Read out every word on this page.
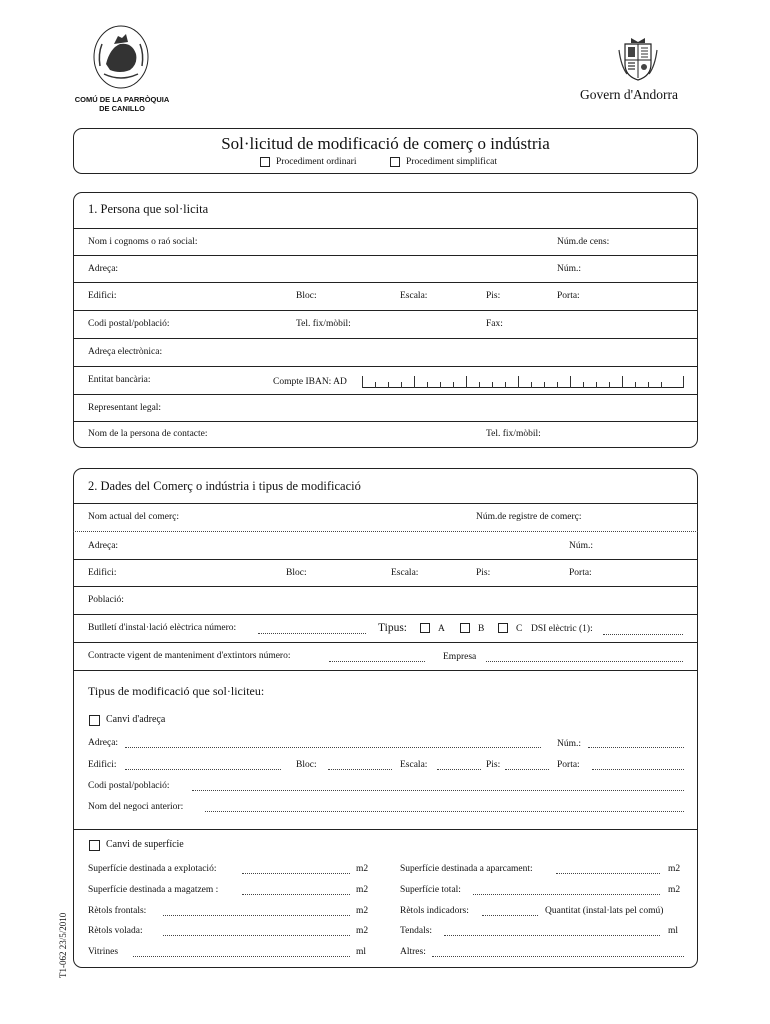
COMÚ DE LA PARRÒQUIA
DE CANILLO
Govern d'Andorra
Sol·licitud de modificació de comerç o indústria
Procediment ordinari	Procediment simplificat
1. Persona que sol·licita
Nom i cognoms o raó social:	Núm.de cens:
Adreça:	Núm.:
Edifici:	Bloc:	Escala:	Pis:	Porta:
Codi postal/població:	Tel. fix/mòbil:	Fax:
Adreça electrònica:
Entitat bancària:	Compte IBAN: AD
Representant legal:
Nom de la persona de contacte:	Tel. fix/mòbil:
2. Dades del Comerç o indústria i tipus de modificació
Nom actual del comerç:	Núm.de registre de comerç:
Adreça:	Núm.:
Edifici:	Bloc:	Escala:	Pis:	Porta:
Població:
Butlletí d'instal·lació elèctrica número:	Tipus:	A	B	C DSI elèctric (1):
Contracte vigent de manteniment d'extintors número:	Empresa
Tipus de modificació que sol·liciteu:
Canvi d'adreça
Adreça:	Núm.:
Edifici:	Bloc:	Escala:	Pis:	Porta:
Codi postal/població:
Nom del negoci anterior:
Canvi de superfície
Superfície destinada a explotació:	m2	Superfície destinada a aparcament:	m2
Superfície destinada a magatzem :	m2	Superfície total:	m2
Rètols frontals:	m2	Rètols indicadors:	Quantitat (instal·lats pel comú)
Rètols volada:	m2	Tendals:	ml
Vitrines	ml	Altres:
T1-062 23/5/2010
